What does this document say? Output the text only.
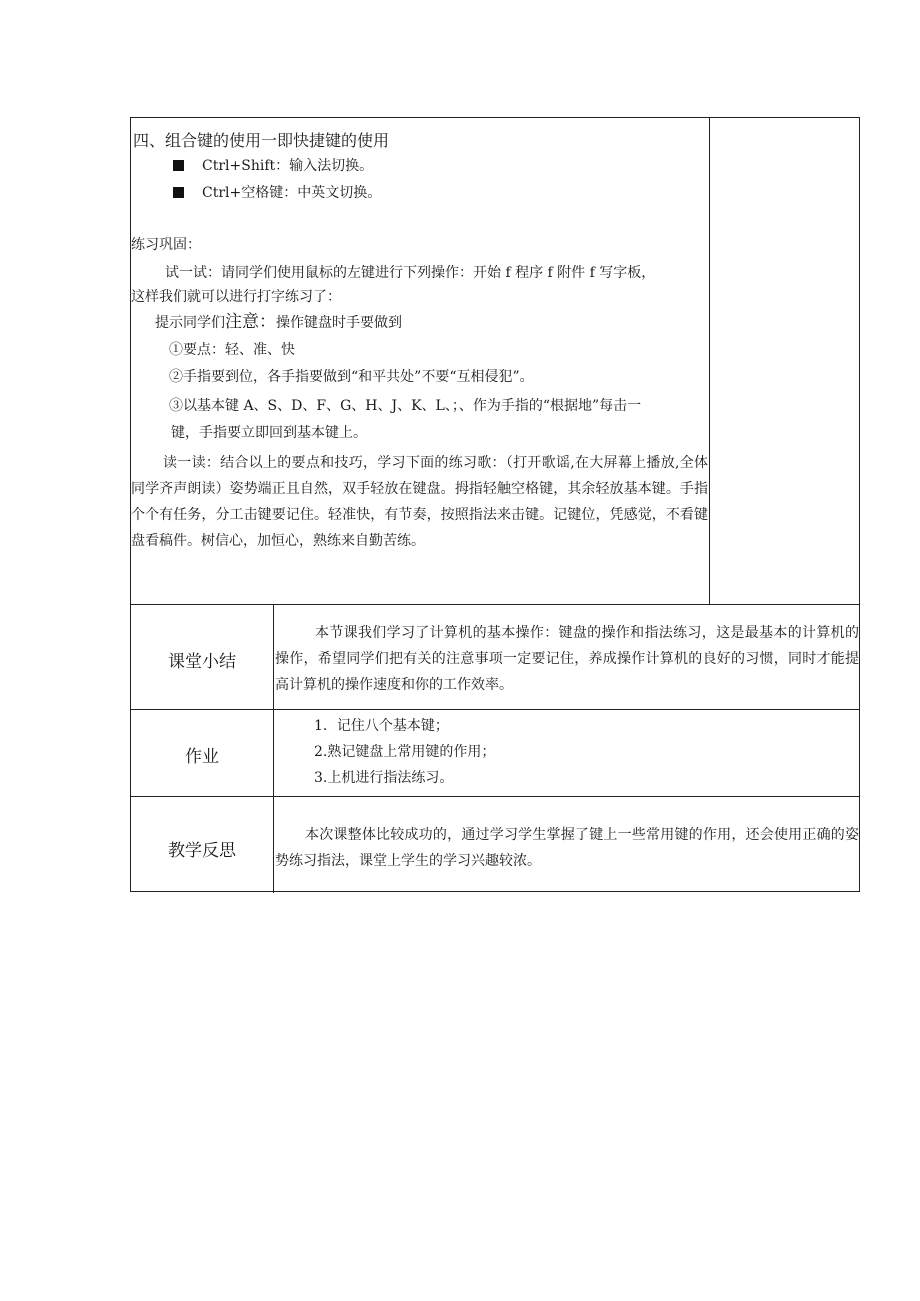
四、组合键的使用一即快捷键的使用
Ctrl+Shift：输入法切换。
Ctrl+空格键：中英文切换。
练习巩固：
试一试：请同学们使用鼠标的左键进行下列操作：开始 f 程序 f 附件 f 写字板，
这样我们就可以进行打字练习了：
提示同学们注意：操作键盘时手要做到
①要点：轻、准、快
②手指要到位，各手指要做到“和平共处”不要“互相侵犯”。
③以基本键 A、S、D、F、G、H、J、K、L、；、作为手指的“根据地”每击一
键，手指要立即回到基本键上。
读一读：结合以上的要点和技巧，学习下面的练习歌：（打开歌谣,在大屏幕上播放,全体同学齐声朗读）姿势端正且自然，双手轻放在键盘。拇指轻触空格键，其余轻放基本键。手指个个有任务，分工击键要记住。轻准快，有节奏，按照指法来击键。记键位，凭感觉，不看键盘看稿件。树信心，加恒心，熟练来自勤苦练。
课堂小结
本节课我们学习了计算机的基本操作：键盘的操作和指法练习，这是最基本的计算机的操作，希望同学们把有关的注意事项一定要记住，养成操作计算机的良好的习惯，同时才能提高计算机的操作速度和你的工作效率。
作业
1．记住八个基本键；
2.熟记键盘上常用键的作用；
3.上机进行指法练习。
教学反思
本次课整体比较成功的，通过学习学生掌握了键上一些常用键的作用，还会使用正确的姿势练习指法，课堂上学生的学习兴趣较浓。
